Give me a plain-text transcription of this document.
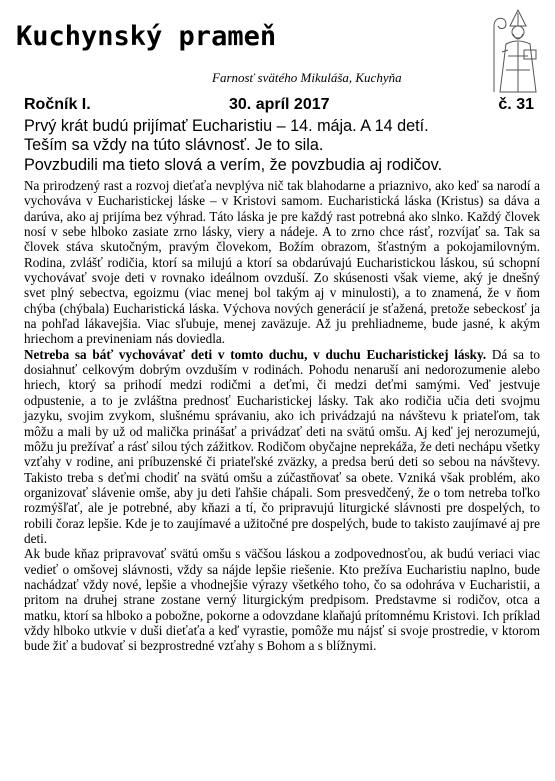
Kuchynský prameň
Farnosť svätého Mikuláša, Kuchyňa
Ročník I.	30. apríl 2017	č. 31
Prvý krát budú prijímať Eucharistiu – 14. mája. A 14 detí.
Teším sa vždy na túto slávnosť. Je to sila.
Povzbudili ma tieto slová a verím, že povzbudia aj rodičov.

Na prirodzený rast a rozvoj dieťaťa nevplýva nič tak blahodarne a priaznivo, ako keď sa narodí a vychováva v Eucharistickej láske – v Kristovi samom. Eucharistická láska (Kristus) sa dáva a darúva, ako aj prijíma bez výhrad. Táto láska je pre každý rast potrebná ako slnko. Každý človek nosí v sebe hlboko zasiate zrno lásky, viery a nádeje. A to zrno chce rásť, rozvíjať sa. Tak sa človek stáva skutočným, pravým človekom, Božím obrazom, šťastným a pokojamilovným. Rodina, zvlášť rodičia, ktorí sa milujú a ktorí sa obdarúvajú Eucharistickou láskou, sú schopní vychovávať svoje deti v rovnako ideálnom ovzduší. Zo skúsenosti však vieme, aký je dnešný svet plný sebectva, egoizmu (viac menej bol takým aj v minulosti), a to znamená, že v ňom chýba (chýbala) Eucharistická láska. Výchova nových generácií je sťažená, pretože sebeckosť ja na pohľad lákavejšia. Viac sľubuje, menej zaväzuje. Až ju prehliadneme, bude jasné, k akým hriechom a previneniam nás doviedla.

Netreba sa báť vychovávať deti v tomto duchu, v duchu Eucharistickej lásky. Dá sa to dosiahnuť celkovým dobrým ovzduším v rodinách. Pohodu nenaruší ani nedorozumenie alebo hriech, ktorý sa prihodí medzi rodičmi a deťmi, či medzi deťmi samými. Veď jestvuje odpustenie, a to je zvláštna prednosť Eucharistickej lásky. Tak ako rodičia učia deti svojmu jazyku, svojim zvykom, slušnému správaniu, ako ich privádzajú na návštevu k priateľom, tak môžu a mali by už od malička prinášať a privádzať deti na svätú omšu. Aj keď jej nerozumejú, môžu ju prežívať a rásť silou tých zážitkov. Rodičom obyčajne neprekáža, že deti nechápu všetky vzťahy v rodine, ani príbuzenské či priateľské zväzky, a predsa berú deti so sebou na návštevy. Takisto treba s deťmi chodiť na svätú omšu a zúčastňovať sa obete. Vzniká však problém, ako organizovať slávenie omše, aby ju deti ľahšie chápali. Som presvedčený, že o tom netreba toľko rozmýšľať, ale je potrebné, aby kňazi a tí, čo pripravujú liturgické slávnosti pre dospelých, to robili čoraz lepšie. Kde je to zaujímavé a užitočné pre dospelých, bude to takisto zaujímavé aj pre deti.

Ak bude kňaz pripravovať svätú omšu s väčšou láskou a zodpovednosťou, ak budú veriaci viac vedieť o omšovej slávnosti, vždy sa nájde lepšie riešenie. Kto prežíva Eucharistiu naplno, bude nachádzať vždy nové, lepšie a vhodnejšie výrazy všetkého toho, čo sa odohráva v Eucharistii, a pritom na druhej strane zostane verný liturgickým predpisom. Predstavme si rodičov, otca a matku, ktorí sa hlboko a pobožne, pokorne a odovzdane klaňajú prítomnému Kristovi. Ich príklad vždy hlboko utkvie v duši dieťaťa a keď vyrastie, pomôže mu nájsť si svoje prostredie, v ktorom bude žiť a budovať si bezprostredné vzťahy s Bohom a s blížnymi.
